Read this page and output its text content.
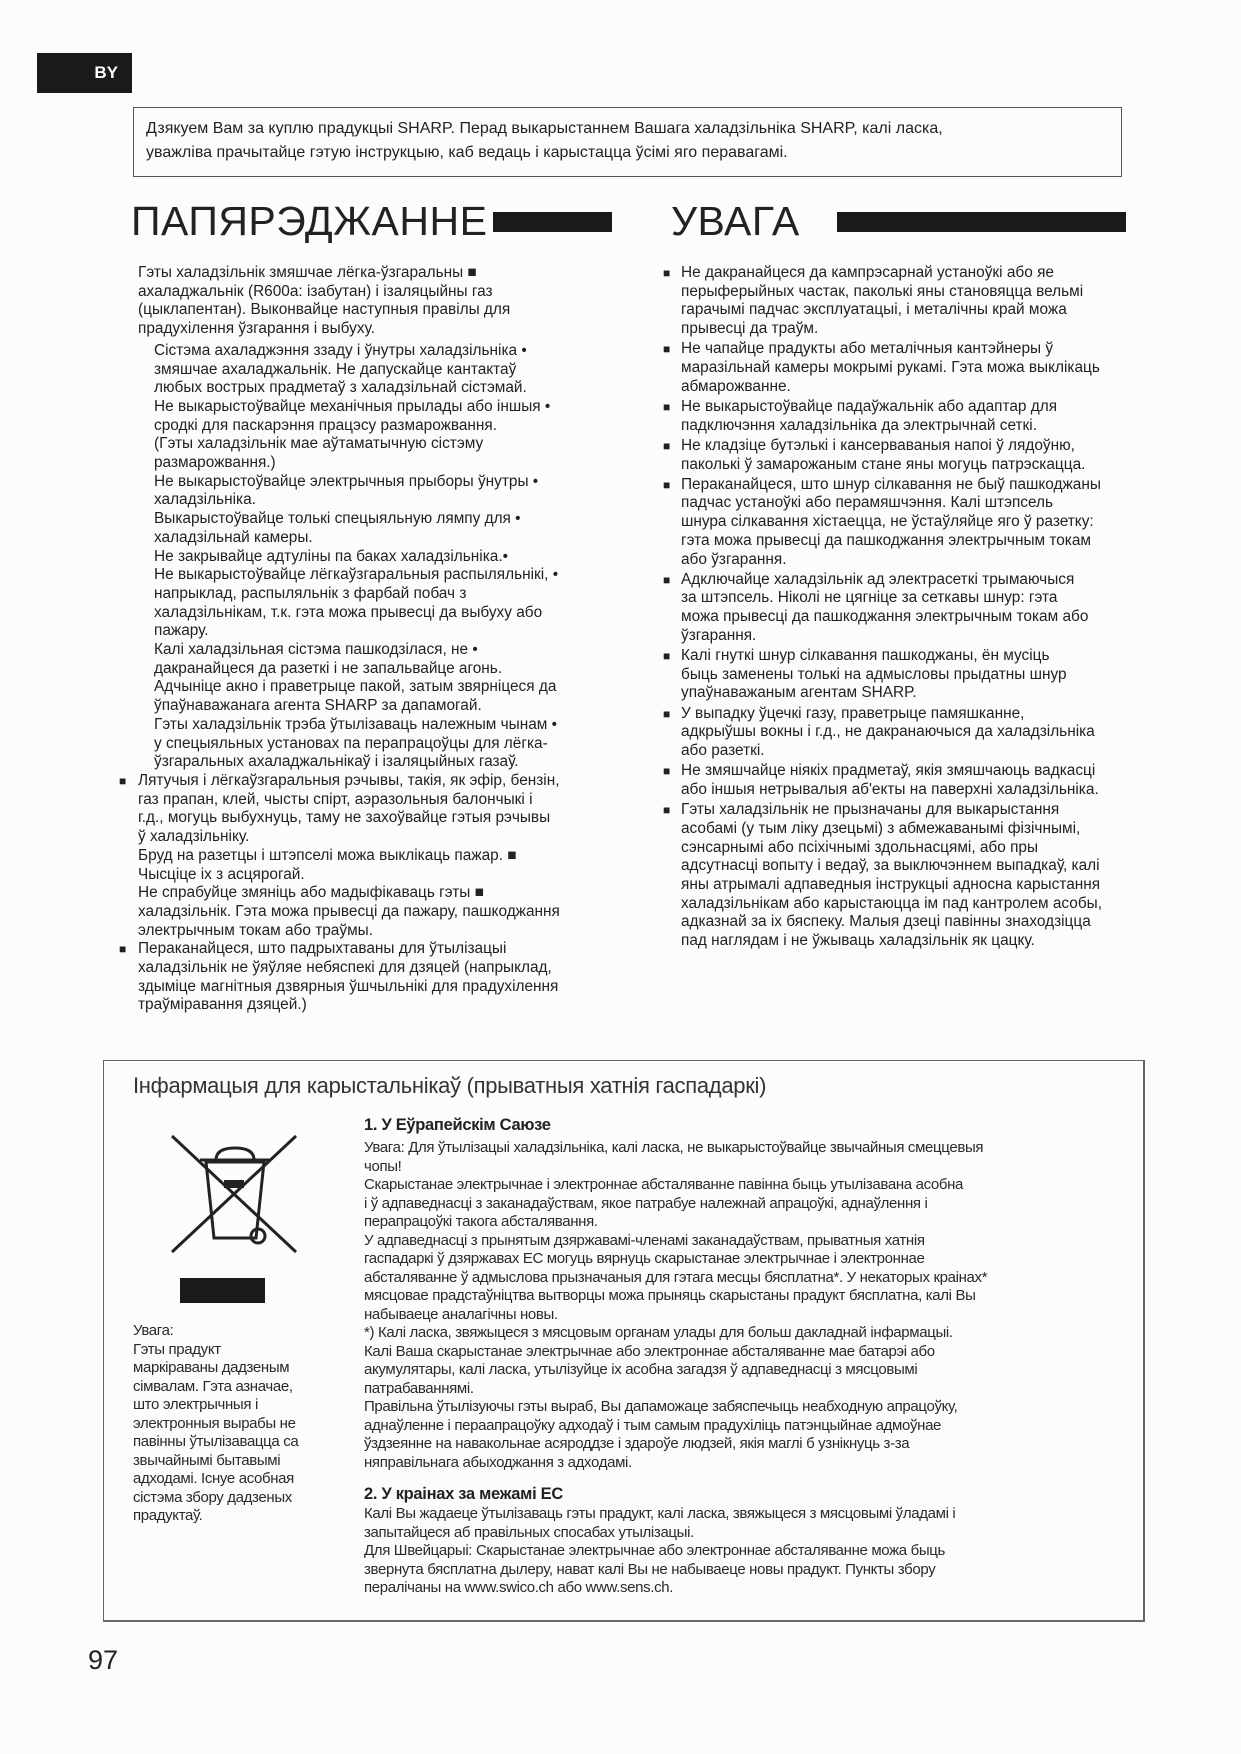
BY
Дзякуем Вам за куплю прадукцыі SHARP. Перад выкарыстаннем Вашага халадзільніка SHARP, калі ласка,
уважліва прачытайце гэтую інструкцыю, каб ведаць і карыстацца ўсімі яго перавагамі.
ПАПЯРЭДЖАННЕ	УВАГА
Гэты халадзільнік змяшчае лёгка-ўзгаральны ■
ахаладжальнік (R600a: ізабутан) і ізаляцыйны газ
(цыклапентан). Выконвайце наступныя правілы для
прадухілення ўзгарання і выбуху.
Сістэма ахаладжэння ззаду і ўнутры халадзільніка •
змяшчае ахаладжальнік. Не дапускайце кантактаў
любых вострых прадметаў з халадзільнай сістэмай.
Не выкарыстоўвайце механічныя прылады або іншыя •
сродкі для паскарэння працэсу размарожвання.
(Гэты халадзільнік мае аўтаматычную сістэму
размарожвання.)
Не выкарыстоўвайце электрычныя прыборы ўнутры •
халадзільніка.
Выкарыстоўвайце толькі спецыяльную лямпу для •
халадзільнай камеры.
Не закрывайце адтуліны па баках халадзільніка.•
Не выкарыстоўвайце лёгкаўзгаральныя распыляльнікі, •
напрыклад, распыляльнік з фарбай побач з
халадзільнікам, т.к. гэта можа прывесці да выбуху або
пажару.
Калі халадзільная сістэма пашкодзілася, не •
дакранайцеся да разеткі і не запальвайце агонь.
Адчыніце акно і праветрыце пакой, затым звярніцеся да
ўпаўнаважанага агента SHARP за дапамогай.
Гэты халадзільнік трэба ўтылізаваць належным чынам •
у спецыяльных установах па перапрацоўцы для лёгка-
ўзгаральных ахаладжальнікаў і ізаляцыйных газаў.
■ Лятучыя і лёгкаўзгаральныя рэчывы, такія, як эфір, бензін,
газ прапан, клей, чысты спірт, аэразольныя балончыкі і
г.д., могуць выбухнуць, таму не захоўвайце гэтыя рэчывы
ў халадзільніку.
Бруд на разетцы і штэпселі можа выклікаць пажар. ■
Чысціце іх з асцярогай.
Не спрабуйце змяніць або мадыфікаваць гэты ■
халадзільнік. Гэта можа прывесці да пажару, пашкоджання
электрычным токам або траўмы.
■ Пераканайцеся, што падрыхтаваны для ўтылізацыі
халадзільнік не ўяўляе небяспекі для дзяцей (напрыклад,
здыміце магнітныя дзвярныя ўшчыльнікі для прадухілення
траўміравання дзяцей.)
■ Не дакранайцеся да кампрэсарнай устаноўкі або яе
перыферыйных частак, паколькі яны становяцца вельмі
гарачымі падчас эксплуатацыі, і металічны край можа
прывесці да траўм.
■ Не чапайце прадукты або металічныя кантэйнеры ў
маразільнай камеры мокрымі рукамі. Гэта можа выклікаць
абмарожванне.
■ Не выкарыстоўвайце падаўжальнік або адаптар для
падключэння халадзільніка да электрычнай сеткі.
■ Не кладзіце бутэлькі і кансерваваныя напоі ў лядоўню,
паколькі ў замарожаным стане яны могуць патрэскацца.
■ Пераканайцеся, што шнур сілкавання не быў пашкоджаны
падчас устаноўкі або перамяшчэння. Калі штэпсель
шнура сілкавання хістаецца, не ўстаўляйце яго ў разетку:
гэта можа прывесці да пашкоджання электрычным токам
або ўзгарання.
■ Адключайце халадзільнік ад электрасеткі трымаючыся
за штэпсель. Ніколі не цягніце за сеткавы шнур: гэта
можа прывесці да пашкоджання электрычным токам або
ўзгарання.
■ Калі гнуткі шнур сілкавання пашкоджаны, ён мусіць
быць заменены толькі на адмысловы прыдатны шнур
упаўнаважаным агентам SHARP.
■ У выпадку ўцечкі газу, праветрыце памяшканне,
адкрыўшы вокны і г.д., не дакранаючыся да халадзільніка
або разеткі.
■ Не змяшчайце ніякіх прадметаў, якія змяшчаюць вадкасці
або іншыя нетрывалыя аб'екты на паверхні халадзільніка.
■ Гэты халадзільнік не прызначаны для выкарыстання
асобамі (у тым ліку дзецьмі) з абмежаванымі фізічнымі,
сэнсарнымі або псіхічнымі здольнасцямі, або пры
адсутнасці вопыту і ведаў, за выключэннем выпадкаў, калі
яны атрымалі адпаведныя інструкцыі адносна карыстання
халадзільнікам або карыстаюцца ім пад кантролем асобы,
адказнай за іх бяспеку. Малыя дзеці павінны знаходзіцца
пад наглядам і не ўжываць халадзільнік як цацку.
Інфармацыя для карыстальнікаў (прыватныя хатнія гаспадаркі)
Увага:
Гэты прадукт
маркіраваны дадзеным
сімвалам. Гэта азначае,
што электрычныя і
электронныя вырабы не
павінны ўтылізавацца са
звычайнымі бытавымі
адходамі. Існуе асобная
сістэма збору дадзеных
прадуктаў.
1. У Еўрапейскім Саюзе
Увага: Для ўтылізацыі халадзільніка, калі ласка, не выкарыстоўвайце звычайныя смеццевыя
чопы!
Скарыстанае электрычнае і электроннае абсталяванне павінна быць утылізавана асобна
і ў адпаведнасці з заканадаўствам, якое патрабуе належнай апрацоўкі, аднаўлення і
перапрацоўкі такога абсталявання.
У адпаведнасці з прынятым дзяржавамі-членамі заканадаўствам, прыватныя хатнія
гаспадаркі ў дзяржавах ЕС могуць вярнуць скарыстанае электрычнае і электроннае
абсталяванне ў адмыслова прызначаныя для гэтага месцы бясплатна*. У некаторых краінах*
мясцовае прадстаўніцтва вытворцы можа прыняць скарыстаны прадукт бясплатна, калі Вы
набываеце аналагічны новы.
*) Калі ласка, звяжыцеся з мясцовым органам улады для больш дакладнай інфармацыі.
Калі Ваша скарыстанае электрычнае або электроннае абсталяванне мае батарэі або
акумулятары, калі ласка, утылізуйце іх асобна загадзя ў адпаведнасці з мясцовымі
патрабаваннямі.
Правільна ўтылізуючы гэты выраб, Вы дапаможаце забяспечыць неабходную апрацоўку,
аднаўленне і пераапрацоўку адходаў і тым самым прадухіліць патэнцыйнае адмоўнае
ўздзеянне на навакольнае асяроддзе і здароўе людзей, якія маглі б узнікнуць з-за
няправільнага абыходжання з адходамі.
2. У краінах за межамі ЕС
Калі Вы жадаеце ўтылізаваць гэты прадукт, калі ласка, звяжыцеся з мясцовымі ўладамі і
запытайцеся аб правільных спосабах утылізацыі.
Для Швейцарыі: Скарыстанае электрычнае або электроннае абсталяванне можа быць
звернута бясплатна дылеру, нават калі Вы не набываеце новы прадукт. Пункты збору
пералічаны на www.swico.ch або www.sens.ch.
97
